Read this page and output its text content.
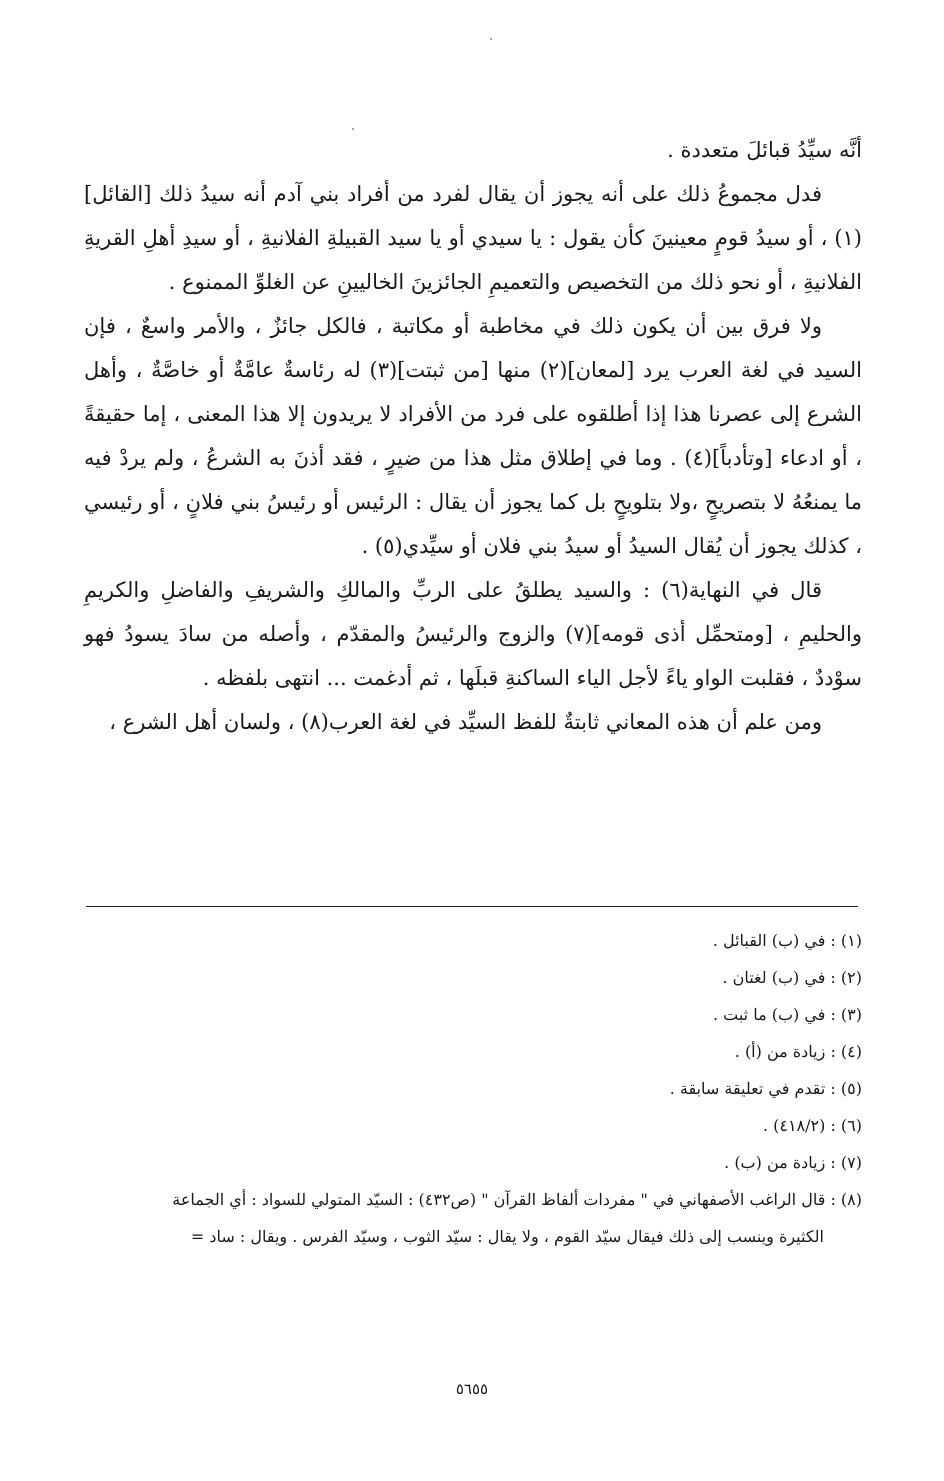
أنَّه سيِّدُ قبائلَ متعددة .

فدل مجموعُ ذلك على أنه يجوز أن يقال لفرد من أفراد بني آدم أنه سيدُ ذلك [القائل](١) ، أو سيدُ قومٍ معينينَ كأن يقول : يا سيدي أو يا سيد القبيلةِ الفلانيةِ ، أو سيدِ أهلِ القريةِ الفلانيةِ ، أو نحو ذلك من التخصيص والتعميمِ الجائزينَ الخاليينِ عن الغلوِّ الممنوع .

ولا فرق بين أن يكون ذلك في مخاطبة أو مكاتبة ، فالكل جائزٌ ، والأمر واسعٌ ، فإن السيد في لغة العرب يرد [لمعان](٢) منها [من ثبتت](٣) له رئاسةٌ عامَّةٌ أو خاصَّةٌ ، وأهل الشرع إلى عصرنا هذا إذا أطلقوه على فرد من الأفراد لا يريدون إلا هذا المعنى ، إما حقيقةً ، أو ادعاء [وتأدباً](٤) . وما في إطلاق مثل هذا من ضيرٍ ، فقد أذنَ به الشرعُ ، ولم يردْ فيه ما يمنعُهُ لا بتصريحٍ ،ولا بتلويحٍ بل كما يجوز أن يقال : الرئيس أو رئيسُ بني فلانٍ ، أو رئيسي ، كذلك يجوز أن يُقال السيدُ أو سيدُ بني فلان أو سيِّدي(٥) .

قال في النهاية(٦) : والسيد يطلقُ على الربِّ والمالكِ والشريفِ والفاضلِ والكريمِ والحليمِ ، [ومتحمِّل أذى قومه](٧) والزوج والرئيسُ والمقدّم ، وأصله من سادَ يسودُ فهو سوْددٌ ، فقلبت الواو ياءً لأجل الياء الساكنةِ قبلَها ، ثم أدغمت ... انتهى بلفظه .

ومن علم أن هذه المعاني ثابتةٌ للفظ السيِّد في لغة العرب(٨) ، ولسان أهل الشرع ،

(١) : في (ب) القبائل .

(٢) : في (ب) لغتان .

(٣) : في (ب) ما ثبت .

(٤) : زيادة من (أ) .

(٥) : تقدم في تعليقة سابقة .

(٦) : (٤١٨/٢) .

(٧) : زيادة من (ب) .

(٨) : قال الراغب الأصفهاني في " مفردات ألفاظ القرآن " (ص٤٣٢) : السيّد المتولي للسواد : أي الجماعة

الكثيرة وينسب إلى ذلك فيقال سيّد القوم ، ولا يقال : سيّد الثوب ، وسيّد الفرس . ويقال : ساد =

٥٦٥٥
